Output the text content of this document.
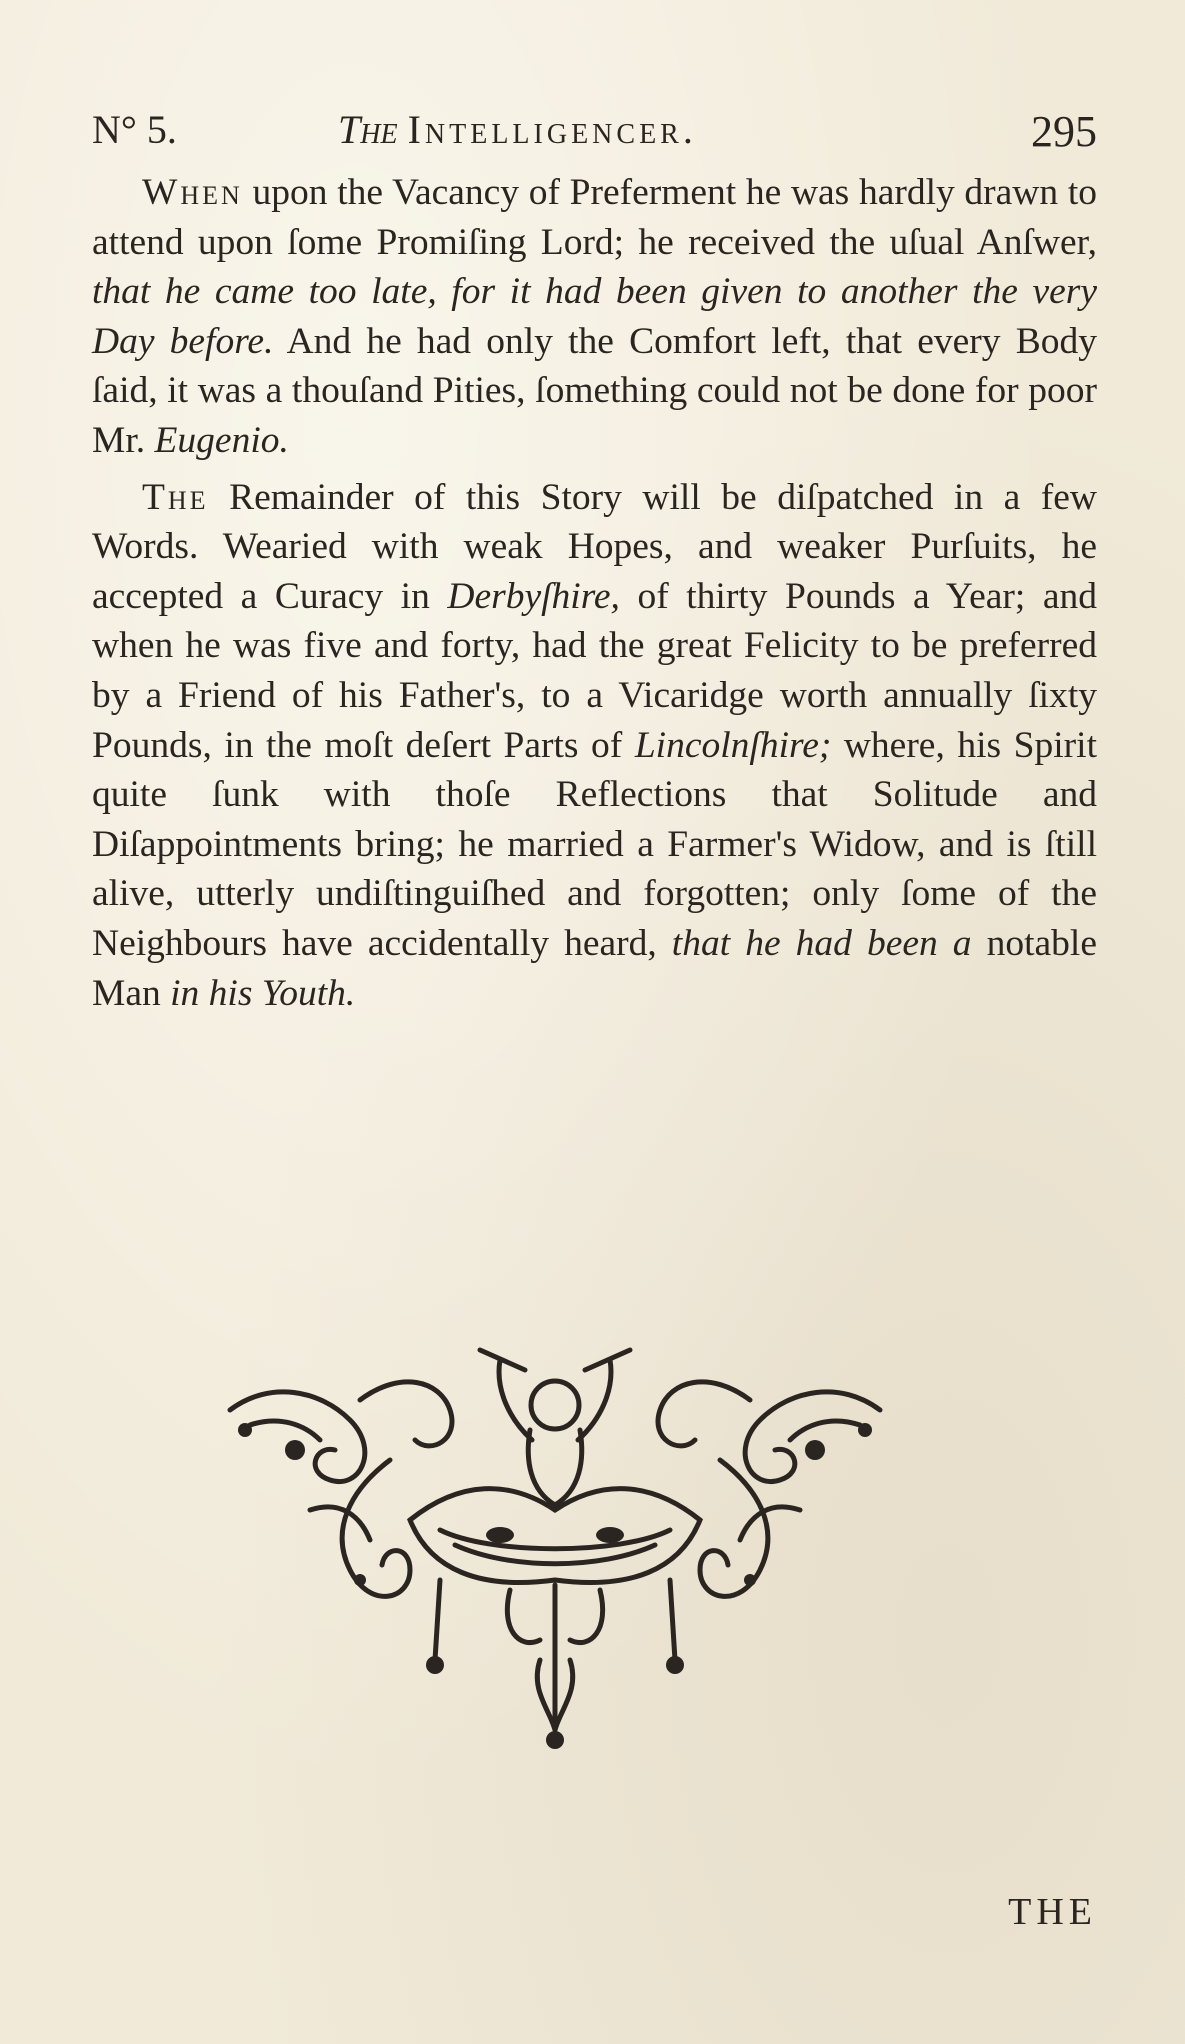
N° 5.	The Intelligencer.	295

When upon the Vacancy of Preferment he was hardly drawn to attend upon ſome Promiſing Lord; he received the uſual Anſwer, that he came too late, for it had been given to another the very Day before. And he had only the Comfort left, that every Body ſaid, it was a thouſand Pities, ſomething could not be done for poor Mr. Eugenio.

The Remainder of this Story will be diſpatched in a few Words. Wearied with weak Hopes, and weaker Purſuits, he accepted a Curacy in Derbyſhire, of thirty Pounds a Year; and when he was five and forty, had the great Felicity to be preferred by a Friend of his Father's, to a Vicaridge worth annually ſixty Pounds, in the moſt deſert Parts of Lincolnſhire; where, his Spirit quite ſunk with thoſe Reflections that Solitude and Diſappointments bring; he married a Farmer's Widow, and is ſtill alive, utterly undiſtinguiſhed and forgotten; only ſome of the Neighbours have accidentally heard, that he had been a notable Man in his Youth.

THE
